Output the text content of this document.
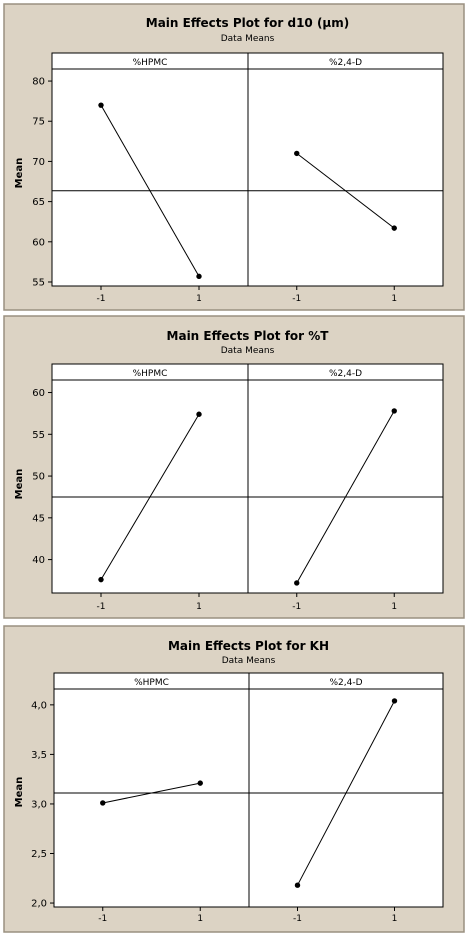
Main Effects Plot for d10 (µm)
Data Means
55
60
65
70
75
80
Mean
%HPMC
-1	1
%2,4-D
-1	1
Main Effects Plot for %T
Data Means
40
45
50
55
60
Mean
%HPMC
-1	1
%2,4-D
-1	1
Main Effects Plot for KH
Data Means
2,0
2,5
3,0
3,5
4,0
Mean
%HPMC
-1	1
%2,4-D
-1	1
